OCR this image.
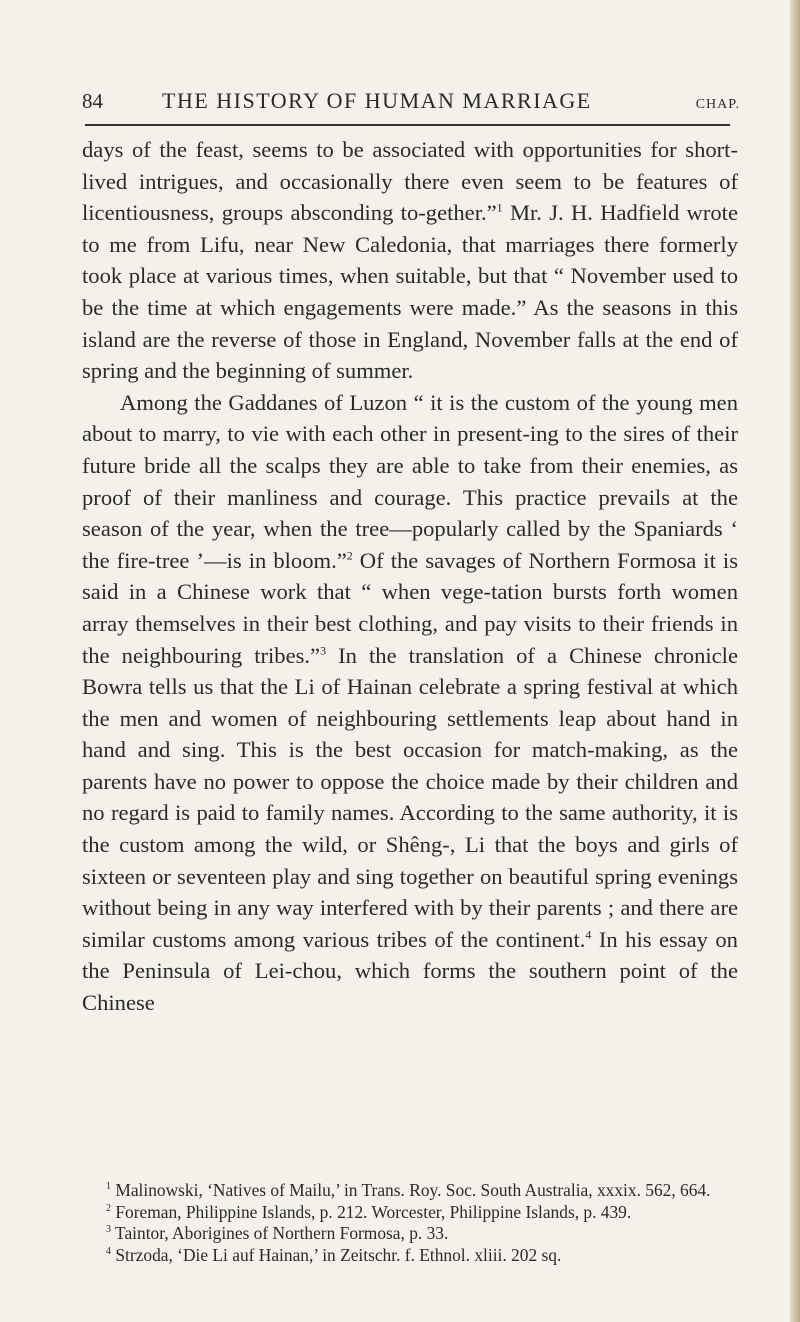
84	THE HISTORY OF HUMAN MARRIAGE	CHAP.

days of the feast, seems to be associated with opportunities for short-lived intrigues, and occasionally there even seem to be features of licentiousness, groups absconding to-gether.”$^1$ Mr. J. H. Hadfield wrote to me from Lifu, near New Caledonia, that marriages there formerly took place at various times, when suitable, but that “ November used to be the time at which engagements were made.” As the seasons in this island are the reverse of those in England, November falls at the end of spring and the beginning of summer.

Among the Gaddanes of Luzon “ it is the custom of the young men about to marry, to vie with each other in present-ing to the sires of their future bride all the scalps they are able to take from their enemies, as proof of their manliness and courage. This practice prevails at the season of the year, when the tree—popularly called by the Spaniards ‘ the fire-tree ’—is in bloom.”$^2$ Of the savages of Northern Formosa it is said in a Chinese work that “ when vege-tation bursts forth women array themselves in their best clothing, and pay visits to their friends in the neighbouring tribes.”$^3$ In the translation of a Chinese chronicle Bowra tells us that the Li of Hainan celebrate a spring festival at which the men and women of neighbouring settlements leap about hand in hand and sing. This is the best occasion for match-making, as the parents have no power to oppose the choice made by their children and no regard is paid to family names. According to the same authority, it is the custom among the wild, or Shêng-, Li that the boys and girls of sixteen or seventeen play and sing together on beautiful spring evenings without being in any way interfered with by their parents ; and there are similar customs among various tribes of the continent.$^4$ In his essay on the Peninsula of Lei-chou, which forms the southern point of the Chinese

$^1$ Malinowski, ‘Natives of Mailu,’ in Trans. Roy. Soc. South Australia, xxxix. 562, 664.

$^2$ Foreman, Philippine Islands, p. 212. Worcester, Philippine Islands, p. 439.

$^3$ Taintor, Aborigines of Northern Formosa, p. 33.

$^4$ Strzoda, ‘Die Li auf Hainan,’ in Zeitschr. f. Ethnol. xliii. 202 sq.
